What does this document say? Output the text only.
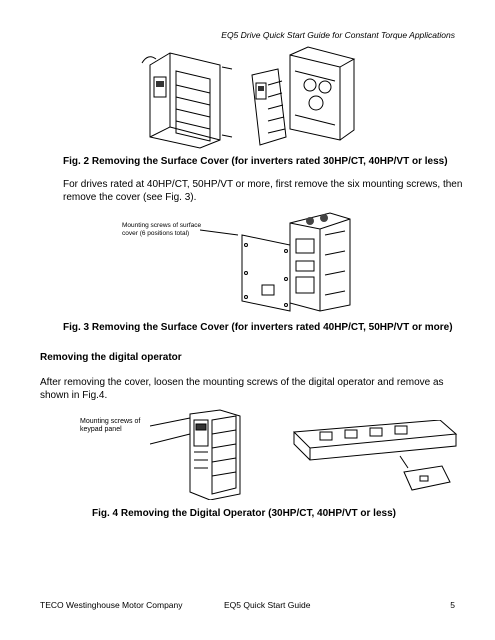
EQ5 Drive Quick Start Guide for Constant Torque Applications
Fig. 2 Removing the Surface Cover (for inverters rated 30HP/CT, 40HP/VT or less)
For drives rated at 40HP/CT, 50HP/VT or more, first remove the six mounting screws, then remove the cover (see Fig. 3).
Mounting screws of surface
cover (6 positions total)
Fig. 3 Removing the Surface Cover (for inverters rated 40HP/CT, 50HP/VT or more)
Removing the digital operator
After removing the cover, loosen the mounting screws of the digital operator and remove as shown in Fig.4.
Mounting screws of
keypad panel
Fig. 4 Removing the Digital Operator (30HP/CT, 40HP/VT or less)
TECO Westinghouse Motor Company	EQ5 Quick Start Guide	5
